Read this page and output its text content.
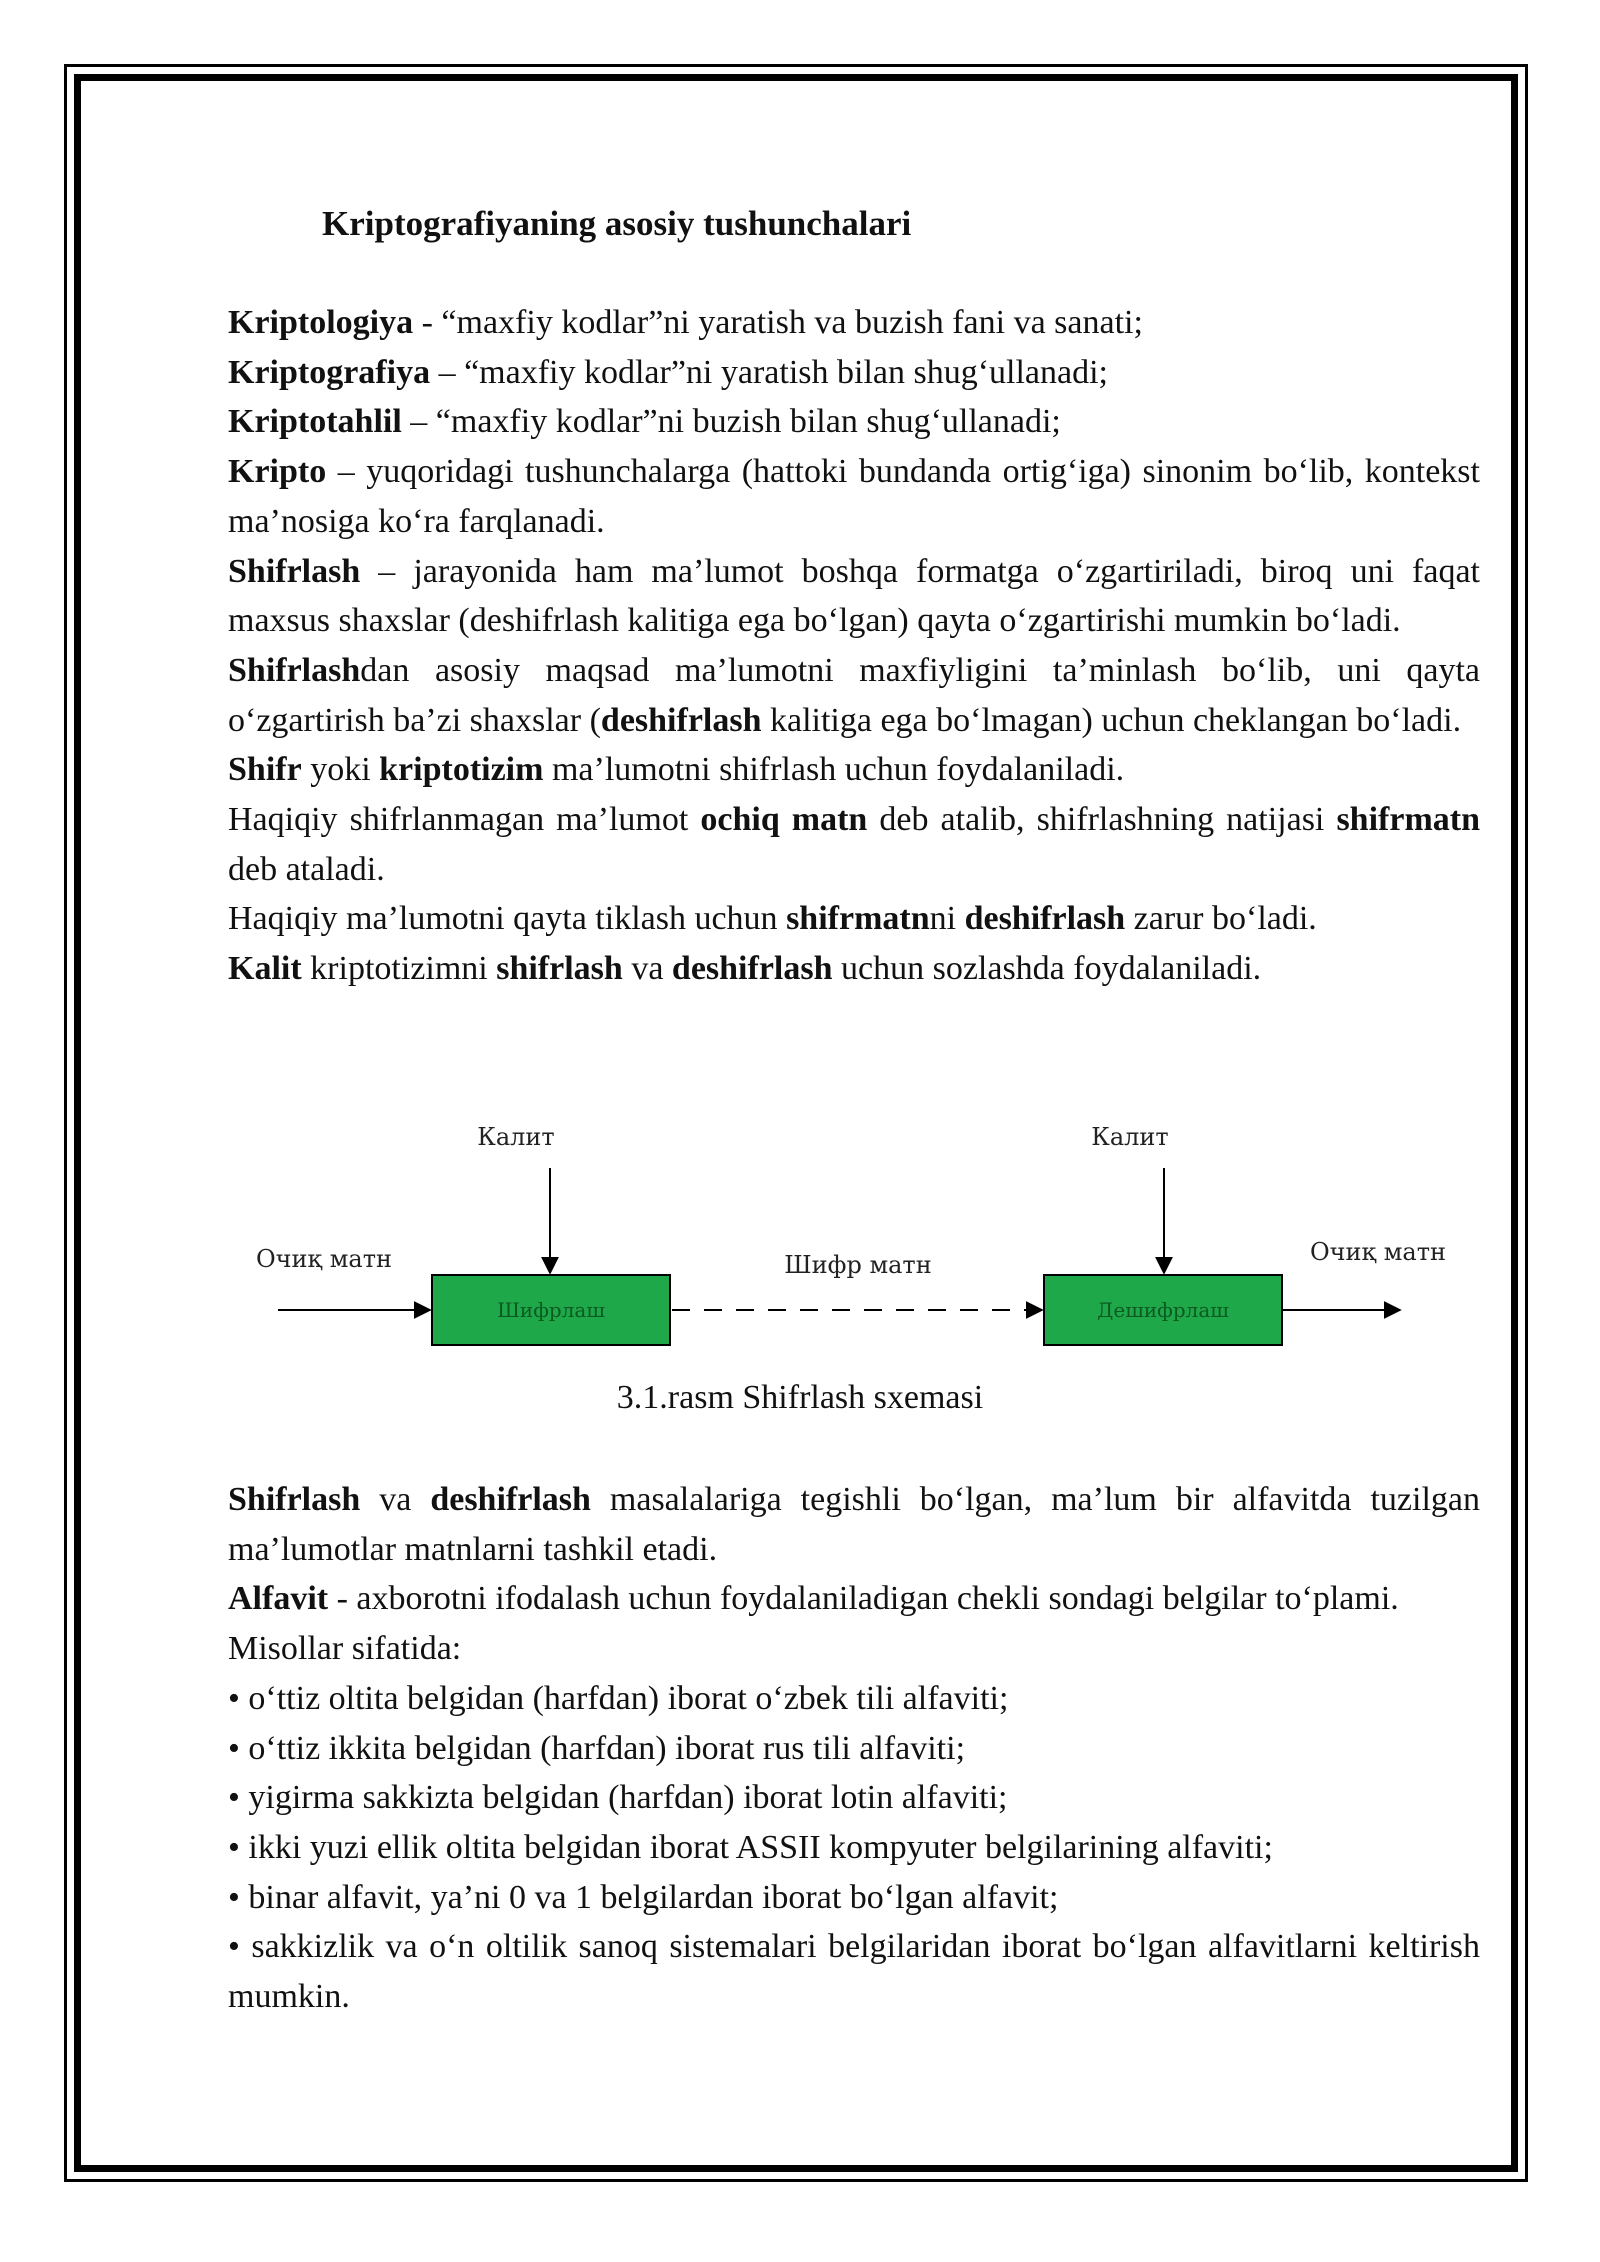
Kriptografiyaning asosiy tushunchalari

Kriptologiya - “maxfiy kodlar”ni yaratish va buzish fani va sanati;

Kriptografiya – “maxfiy kodlar”ni yaratish bilan shug‘ullanadi;

Kriptotahlil – “maxfiy kodlar”ni buzish bilan shug‘ullanadi;

Kripto – yuqoridagi tushunchalarga (hattoki bundanda ortig‘iga) sinonim bo‘lib, kontekst ma’nosiga ko‘ra farqlanadi.

Shifrlash – jarayonida ham ma’lumot boshqa formatga o‘zgartiriladi, biroq uni faqat maxsus shaxslar (deshifrlash kalitiga ega bo‘lgan) qayta o‘zgartirishi mumkin bo‘ladi.

Shifrlashdan asosiy maqsad ma’lumotni maxfiyligini ta’minlash bo‘lib, uni qayta o‘zgartirish ba’zi shaxslar (deshifrlash kalitiga ega bo‘lmagan) uchun cheklangan bo‘ladi.

Shifr yoki kriptotizim ma’lumotni shifrlash uchun foydalaniladi.

Haqiqiy shifrlanmagan ma’lumot ochiq matn deb atalib, shifrlashning natijasi shifrmatn deb ataladi.

Haqiqiy ma’lumotni qayta tiklash uchun shifrmatnni deshifrlash zarur bo‘ladi.

Kalit kriptotizimni shifrlash va deshifrlash uchun sozlashda foydalaniladi.

Калит	Калит
Очиқ матн
Шифрлаш
Шифр матн
Дешифрлаш
Очиқ матн
3.1.rasm Shifrlash sxemasi

Shifrlash va deshifrlash masalalariga tegishli bo‘lgan, ma’lum bir alfavitda tuzilgan ma’lumotlar matnlarni tashkil etadi.

Alfavit - axborotni ifodalash uchun foydalaniladigan chekli sondagi belgilar to‘plami.

Misollar sifatida:

• o‘ttiz oltita belgidan (harfdan) iborat o‘zbek tili alfaviti;

• o‘ttiz ikkita belgidan (harfdan) iborat rus tili alfaviti;

• yigirma sakkizta belgidan (harfdan) iborat lotin alfaviti;

• ikki yuzi ellik oltita belgidan iborat ASSII kompyuter belgilarining alfaviti;

• binar alfavit, ya’ni 0 va 1 belgilardan iborat bo‘lgan alfavit;

• sakkizlik va o‘n oltilik sanoq sistemalari belgilaridan iborat bo‘lgan alfavitlarni keltirish mumkin.
